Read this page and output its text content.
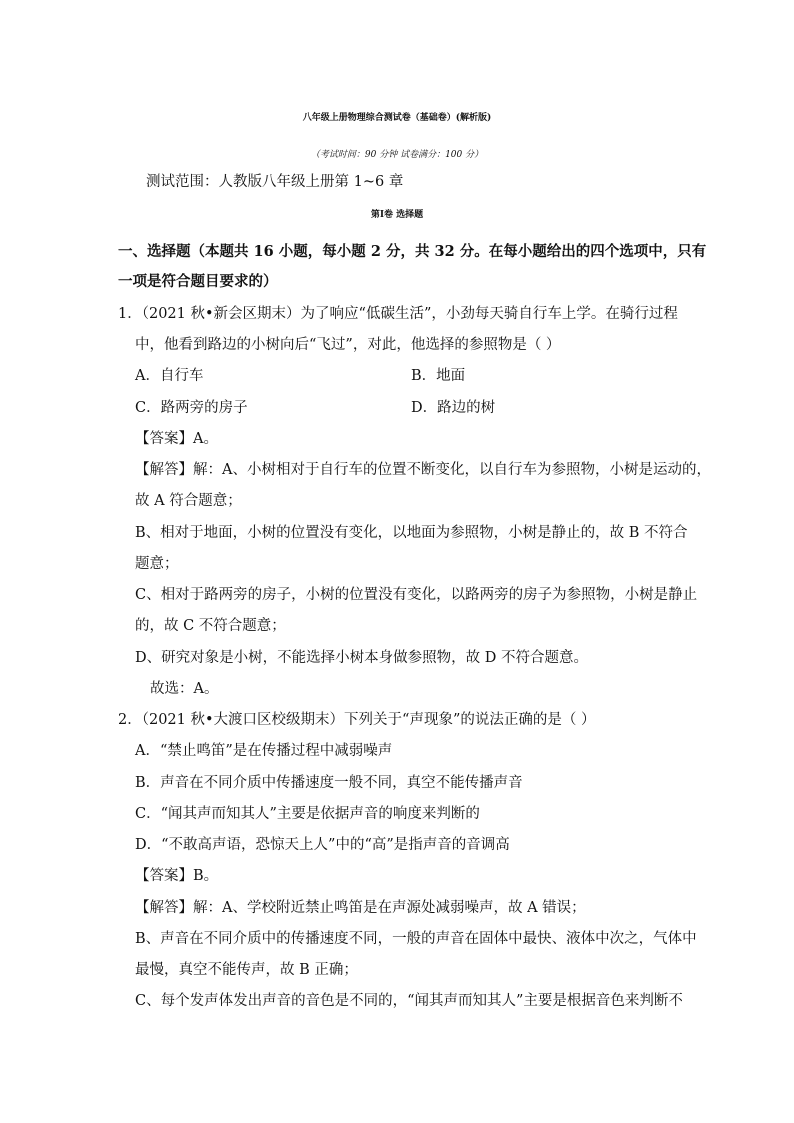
八年级上册物理综合测试卷（基础卷）(解析版)
（考试时间：90 分钟 试卷满分：100 分）
测试范围：人教版八年级上册第 1~6 章
第Ⅰ卷 选择题
一、选择题（本题共 16 小题，每小题 2 分，共 32 分。在每小题给出的四个选项中，只有
一项是符合题目要求的）
1．（2021 秋•新会区期末）为了响应“低碳生活”，小劲每天骑自行车上学。在骑行过程
中，他看到路边的小树向后“飞过”，对此，他选择的参照物是（ ）
A．自行车	B．地面
C．路两旁的房子	D．路边的树
【答案】A。
【解答】解：A、小树相对于自行车的位置不断变化，以自行车为参照物，小树是运动的，
故 A 符合题意；
B、相对于地面，小树的位置没有变化，以地面为参照物，小树是静止的，故 B 不符合
题意；
C、相对于路两旁的房子，小树的位置没有变化，以路两旁的房子为参照物，小树是静止
的，故 C 不符合题意；
D、研究对象是小树，不能选择小树本身做参照物，故 D 不符合题意。
故选：A。
2．（2021 秋•大渡口区校级期末）下列关于“声现象”的说法正确的是（ ）
A．“禁止鸣笛”是在传播过程中减弱噪声
B．声音在不同介质中传播速度一般不同，真空不能传播声音
C．“闻其声而知其人”主要是依据声音的响度来判断的
D．“不敢高声语，恐惊天上人”中的“高”是指声音的音调高
【答案】B。
【解答】解：A、学校附近禁止鸣笛是在声源处减弱噪声，故 A 错误；
B、声音在不同介质中的传播速度不同，一般的声音在固体中最快、液体中次之，气体中
最慢，真空不能传声，故 B 正确；
C、每个发声体发出声音的音色是不同的，“闻其声而知其人”主要是根据音色来判断不
